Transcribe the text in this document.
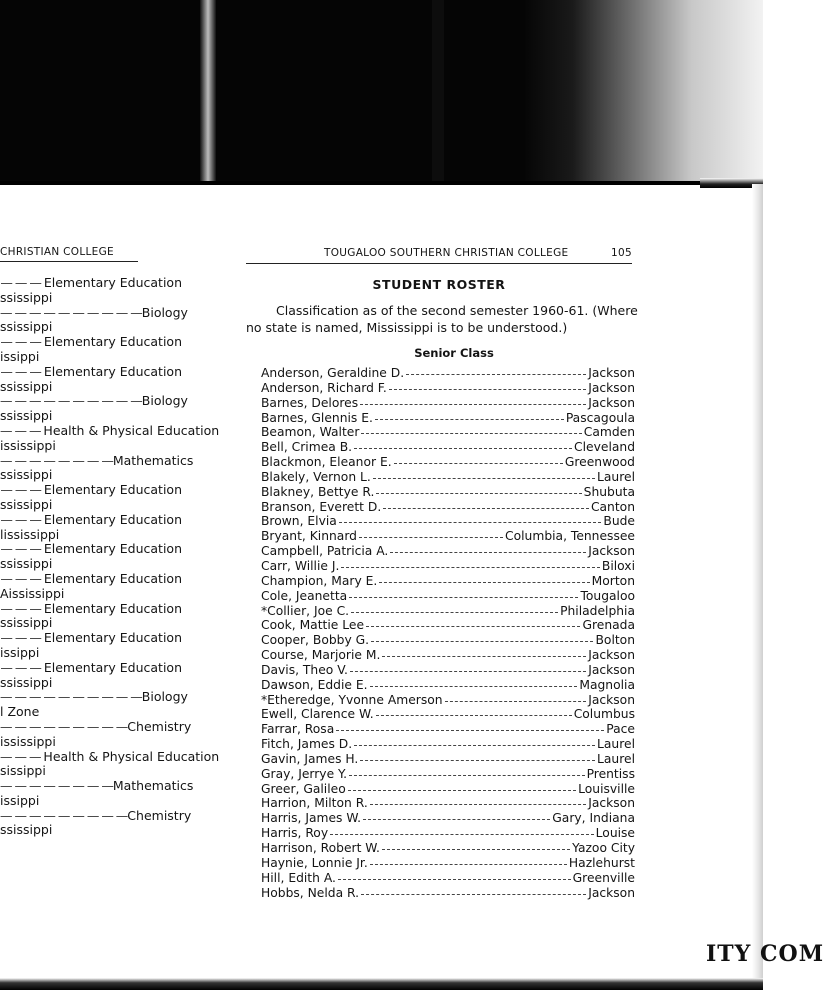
ITY COM
CHRISTIAN COLLEGE
— — — Elementary Education
ssissippi
— — — — — — — — — —Biology
ssissippi
— — — Elementary Education
issippi
— — — Elementary Education
ssissippi
— — — — — — — — — —Biology
ssissippi
— — — Health & Physical Education
ississippi
— — — — — — — —Mathematics
ssissippi
— — — Elementary Education
ssissippi
— — — Elementary Education
lississippi
— — — Elementary Education
ssissippi
— — — Elementary Education
Aississippi
— — — Elementary Education
ssissippi
— — — Elementary Education
issippi
— — — Elementary Education
ssissippi
— — — — — — — — — —Biology
l Zone
— — — — — — — — —Chemistry
ississippi
— — — Health & Physical Education
sissippi
— — — — — — — —Mathematics
issippi
— — — — — — — — —Chemistry
ssissippi
TOUGALOO SOUTHERN CHRISTIAN COLLEGE	105
STUDENT ROSTER
Classification as of the second semester 1960-61. (Where
no state is named, Mississippi is to be understood.)
Senior Class
Anderson, Geraldine D.	Jackson
Anderson, Richard F.	Jackson
Barnes, Delores	Jackson
Barnes, Glennis E.	Pascagoula
Beamon, Walter	Camden
Bell, Crimea B.	Cleveland
Blackmon, Eleanor E.	Greenwood
Blakely, Vernon L.	Laurel
Blakney, Bettye R.	Shubuta
Branson, Everett D.	Canton
Brown, Elvia	Bude
Bryant, Kinnard	Columbia, Tennessee
Campbell, Patricia A.	Jackson
Carr, Willie J.	Biloxi
Champion, Mary E.	Morton
Cole, Jeanetta	Tougaloo
*Collier, Joe C.	Philadelphia
Cook, Mattie Lee	Grenada
Cooper, Bobby G.	Bolton
Course, Marjorie M.	Jackson
Davis, Theo V.	Jackson
Dawson, Eddie E.	Magnolia
*Etheredge, Yvonne Amerson	Jackson
Ewell, Clarence W.	Columbus
Farrar, Rosa	Pace
Fitch, James D.	Laurel
Gavin, James H.	Laurel
Gray, Jerrye Y.	Prentiss
Greer, Galileo	Louisville
Harrion, Milton R.	Jackson
Harris, James W.	Gary, Indiana
Harris, Roy	Louise
Harrison, Robert W.	Yazoo City
Haynie, Lonnie Jr.	Hazlehurst
Hill, Edith A.	Greenville
Hobbs, Nelda R.	Jackson
